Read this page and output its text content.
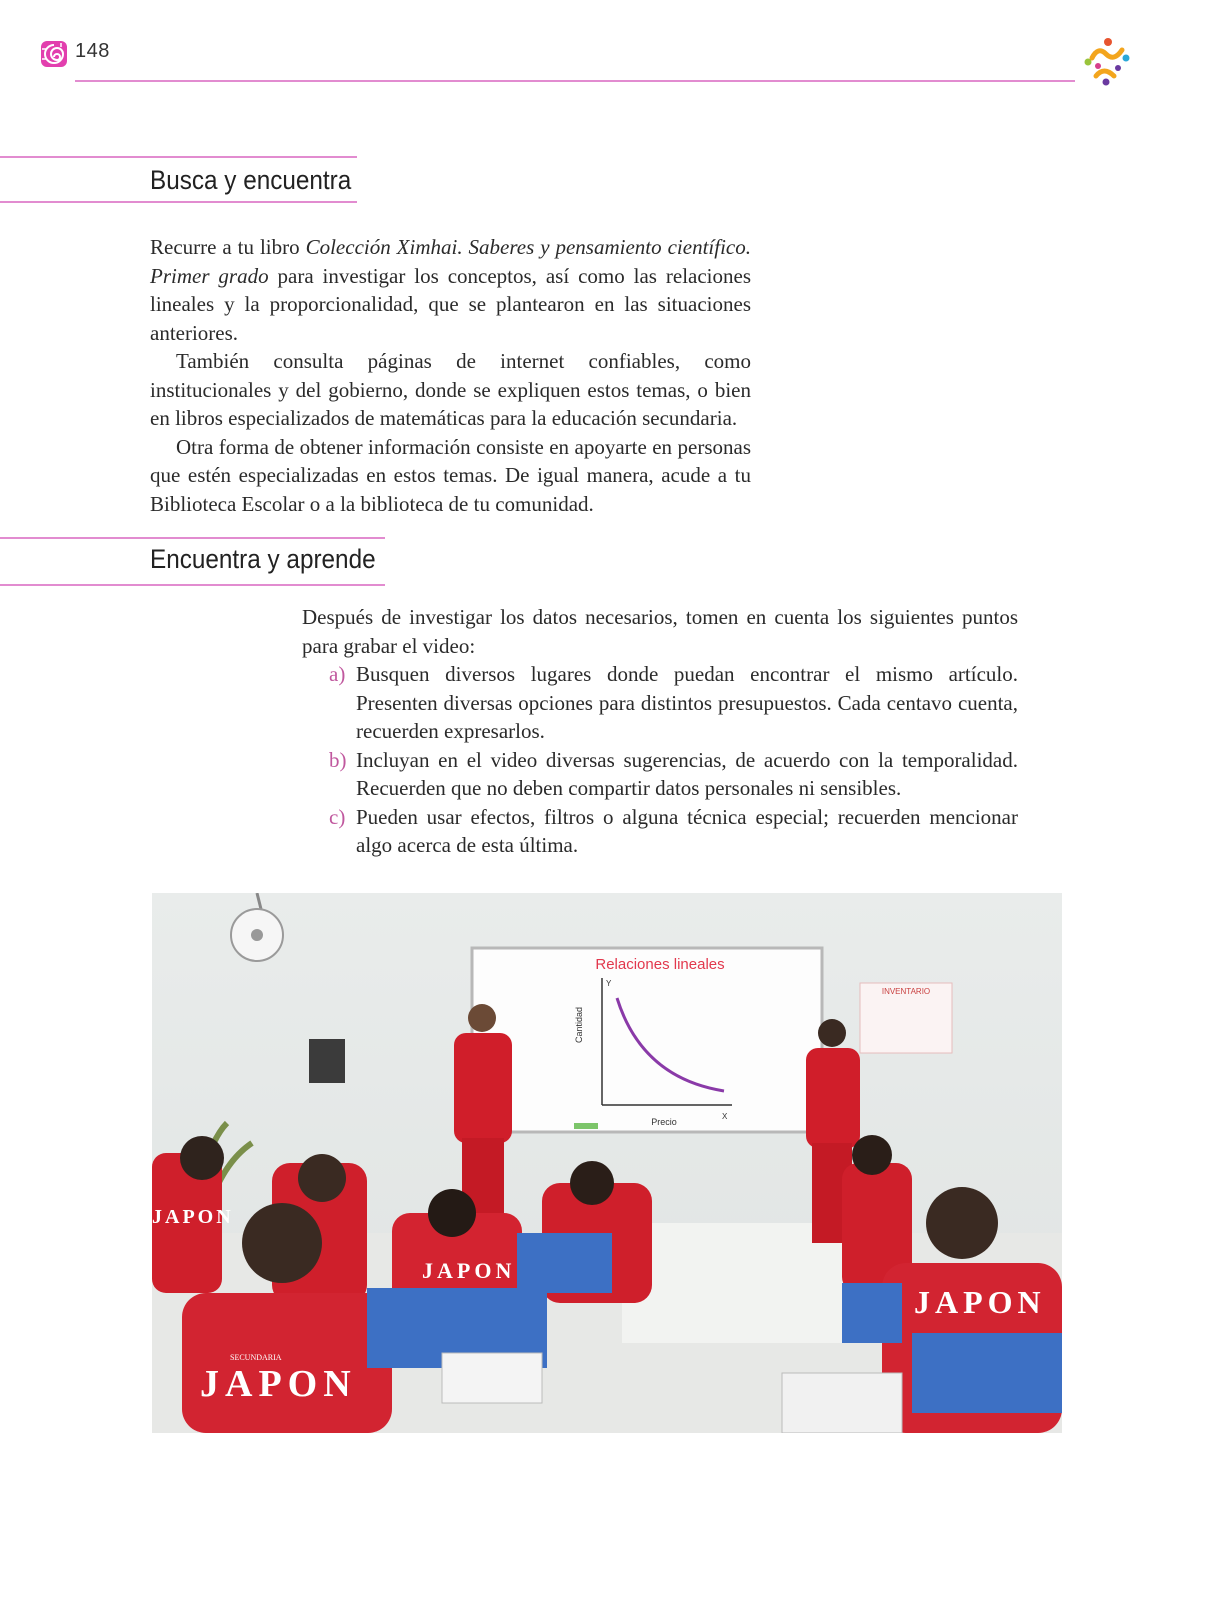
148
Busca y encuentra

Recurre a tu libro Colección Ximhai. Saberes y pensamiento científico. Primer grado para investigar los conceptos, así como las relaciones lineales y la proporcionalidad, que se plantearon en las situaciones anteriores.

También consulta páginas de internet confiables, como institucionales y del gobierno, donde se expliquen estos temas, o bien en libros especializados de matemáticas para la educación secundaria.

Otra forma de obtener información consiste en apoyarte en personas que estén especializadas en estos temas. De igual manera, acude a tu Biblioteca Escolar o a la biblioteca de tu comunidad.

Encuentra y aprende

Después de investigar los datos necesarios, tomen en cuenta los siguientes puntos para grabar el video:

a) Busquen diversos lugares donde puedan encontrar el mismo artículo. Presenten diversas opciones para distintos presupuestos. Cada centavo cuenta, recuerden expresarlos.
b) Incluyan en el video diversas sugerencias, de acuerdo con la temporalidad. Recuerden que no deben compartir datos personales ni sensibles.
c) Pueden usar efectos, filtros o alguna técnica especial; recuerden mencionar algo acerca de esta última.
Relaciones lineales
Y
X
Cantidad
Precio
INVENTARIO
JAPON
SECUNDARIA
JAPON
JAPON
JAPON
